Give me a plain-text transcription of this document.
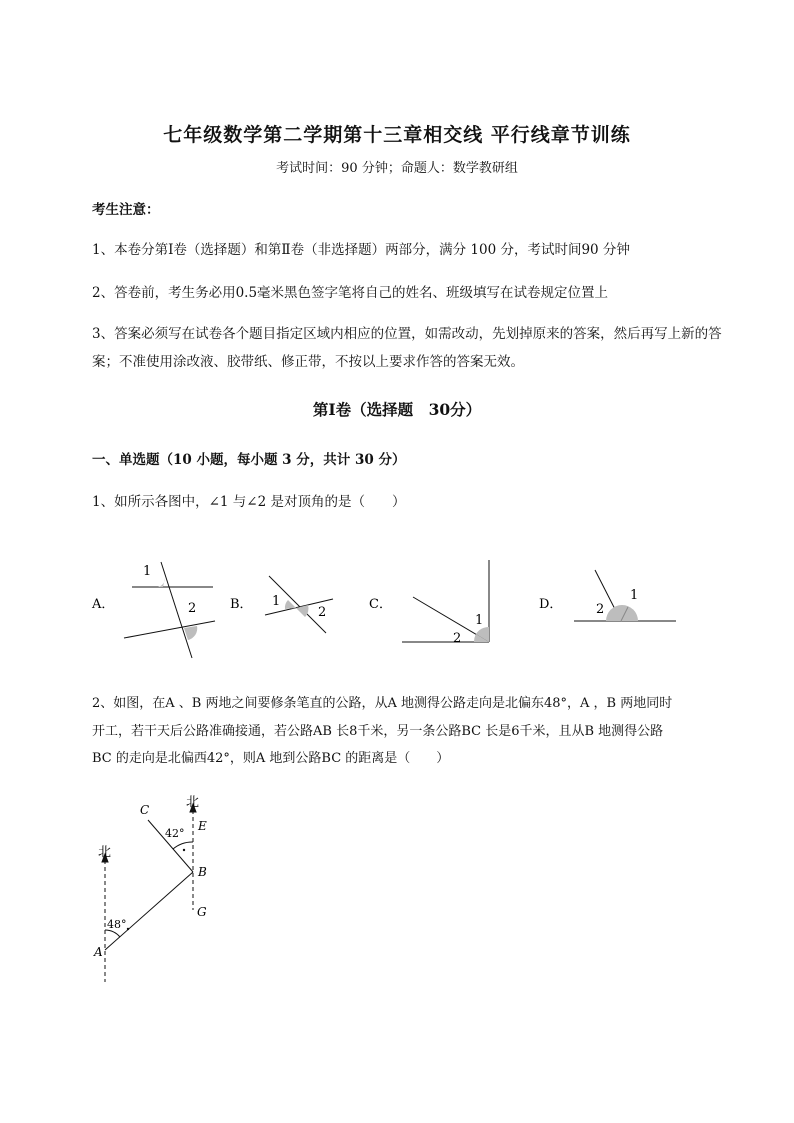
七年级数学第二学期第十三章相交线 平行线章节训练
考试时间：90 分钟；命题人：数学教研组
考生注意：
1、本卷分第Ⅰ卷（选择题）和第Ⅱ卷（非选择题）两部分，满分 100 分，考试时间90 分钟
2、答卷前，考生务必用0.5毫米黑色签字笔将自己的姓名、班级填写在试卷规定位置上
3、答案必须写在试卷各个题目指定区域内相应的位置，如需改动，先划掉原来的答案，然后再写上新的答案；不准使用涂改液、胶带纸、修正带，不按以上要求作答的答案无效。
第Ⅰ卷（选择题　30分）
一、单选题（10 小题，每小题 3 分，共计 30 分）
1、如所示各图中，∠1 与∠2 是对顶角的是（　　）
A．	B．	C．	D．
1
2	1
2
1
2
1
2
2、如图，在A 、B 两地之间要修条笔直的公路，从A 地测得公路走向是北偏东48°，A ，B 两地同时
开工，若干天后公路准确接通，若公路AB 长8千米，另一条公路BC 长是6千米，且从B 地测得公路
BC 的走向是北偏西42°，则A 地到公路BC 的距离是（　　）
北
北
A
B
C
E
G
48°
42°
